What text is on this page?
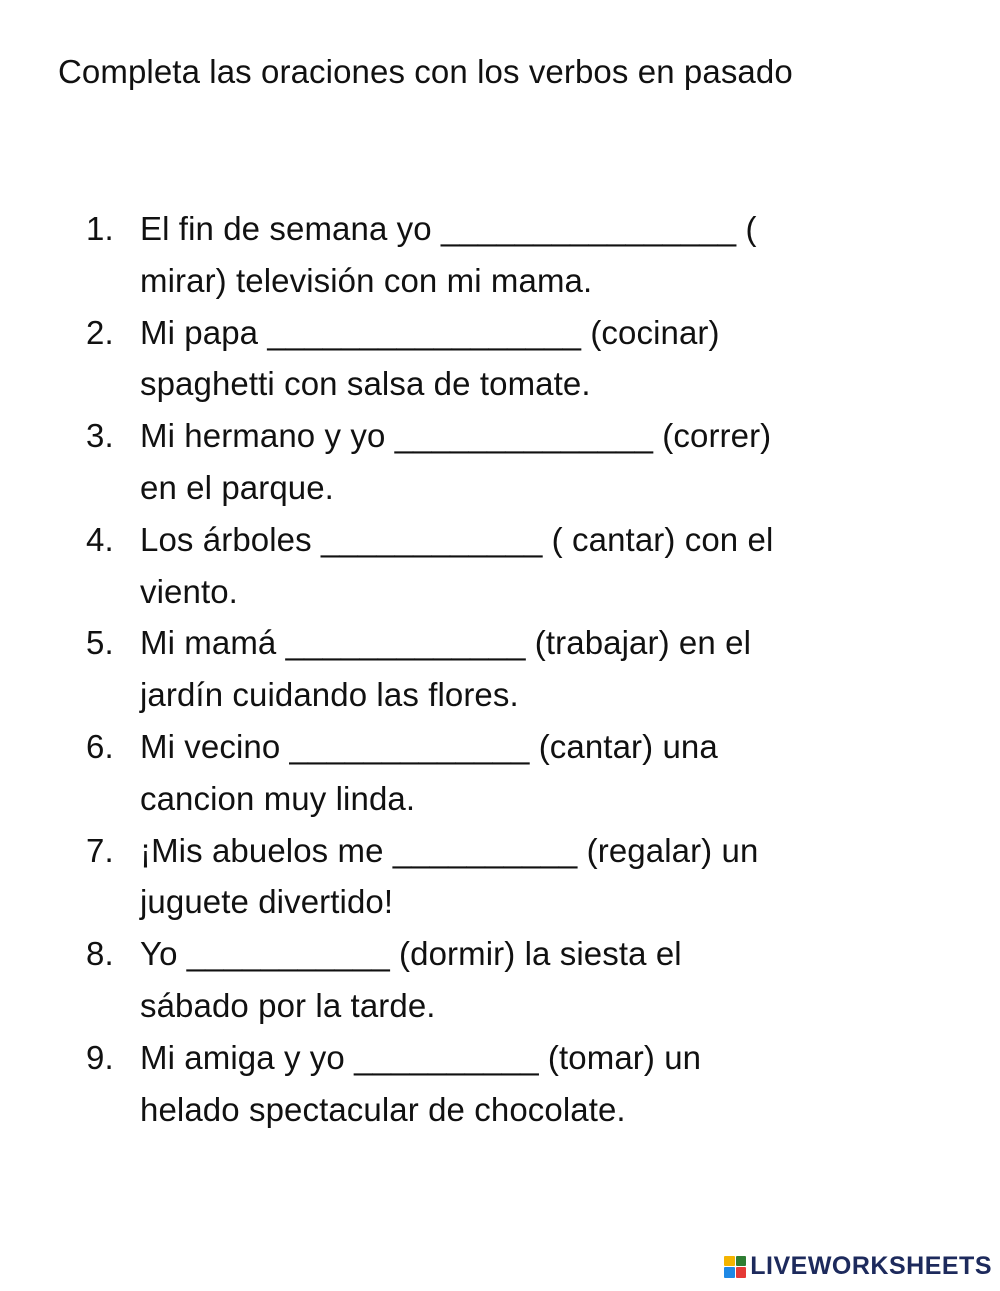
Completa las oraciones con los verbos en pasado
1. El fin de semana yo ________________ (
mirar) televisión con mi mama.
2. Mi papa _________________ (cocinar)
spaghetti con salsa de tomate.
3. Mi hermano y yo ______________ (correr)
en el parque.
4. Los árboles ____________ ( cantar) con el
viento.
5. Mi mamá _____________ (trabajar) en el
jardín cuidando las flores.
6. Mi vecino _____________ (cantar) una
cancion muy linda.
7. ¡Mis abuelos me __________ (regalar) un
juguete divertido!
8. Yo ___________ (dormir) la siesta el
sábado por la tarde.
9. Mi amiga y yo __________ (tomar) un
helado spectacular de chocolate.
LIVEWORKSHEETS
